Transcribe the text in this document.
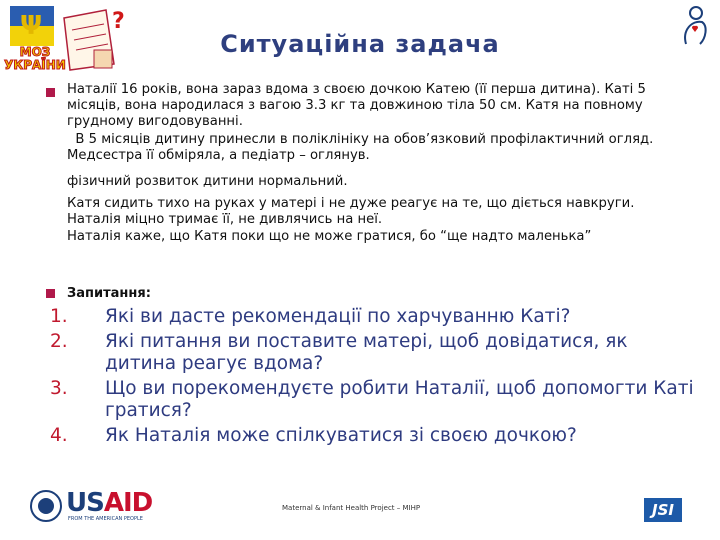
Ψ
МОЗ
УКРАЇНИ
?
Ситуаційна задача
Наталії 16 років, вона зараз вдома з своєю дочкою Катею (її перша дитина). Каті 5 місяців, вона народилася з вагою 3.3 кг та довжиною тіла 50 см. Катя на повному грудному вигодовуванні.
В 5 місяців дитину принесли в поліклініку на обов’язковий профілактичний огляд. Медсестра її обміряла, а педіатр – оглянув.
фізичний розвиток дитини нормальний.
Катя сидить тихо на руках у матері і не дуже реагує на те, що діється навкруги. Наталія міцно тримає її, не дивлячись на неї.
Наталія каже, що Катя поки що не може гратися, бо “ще надто маленька”
Запитання:
1. Які ви дасте рекомендації по харчуванню Каті?
2. Які питання ви поставите матері, щоб довідатися, як дитина реагує вдома?
3. Що ви порекомендуєте робити Наталії, щоб допомогти Каті гратися?
4. Як Наталія може спілкуватися зі своєю дочкою?
USAID
FROM THE AMERICAN PEOPLE
Maternal & Infant Health Project – MIHP	JSI
